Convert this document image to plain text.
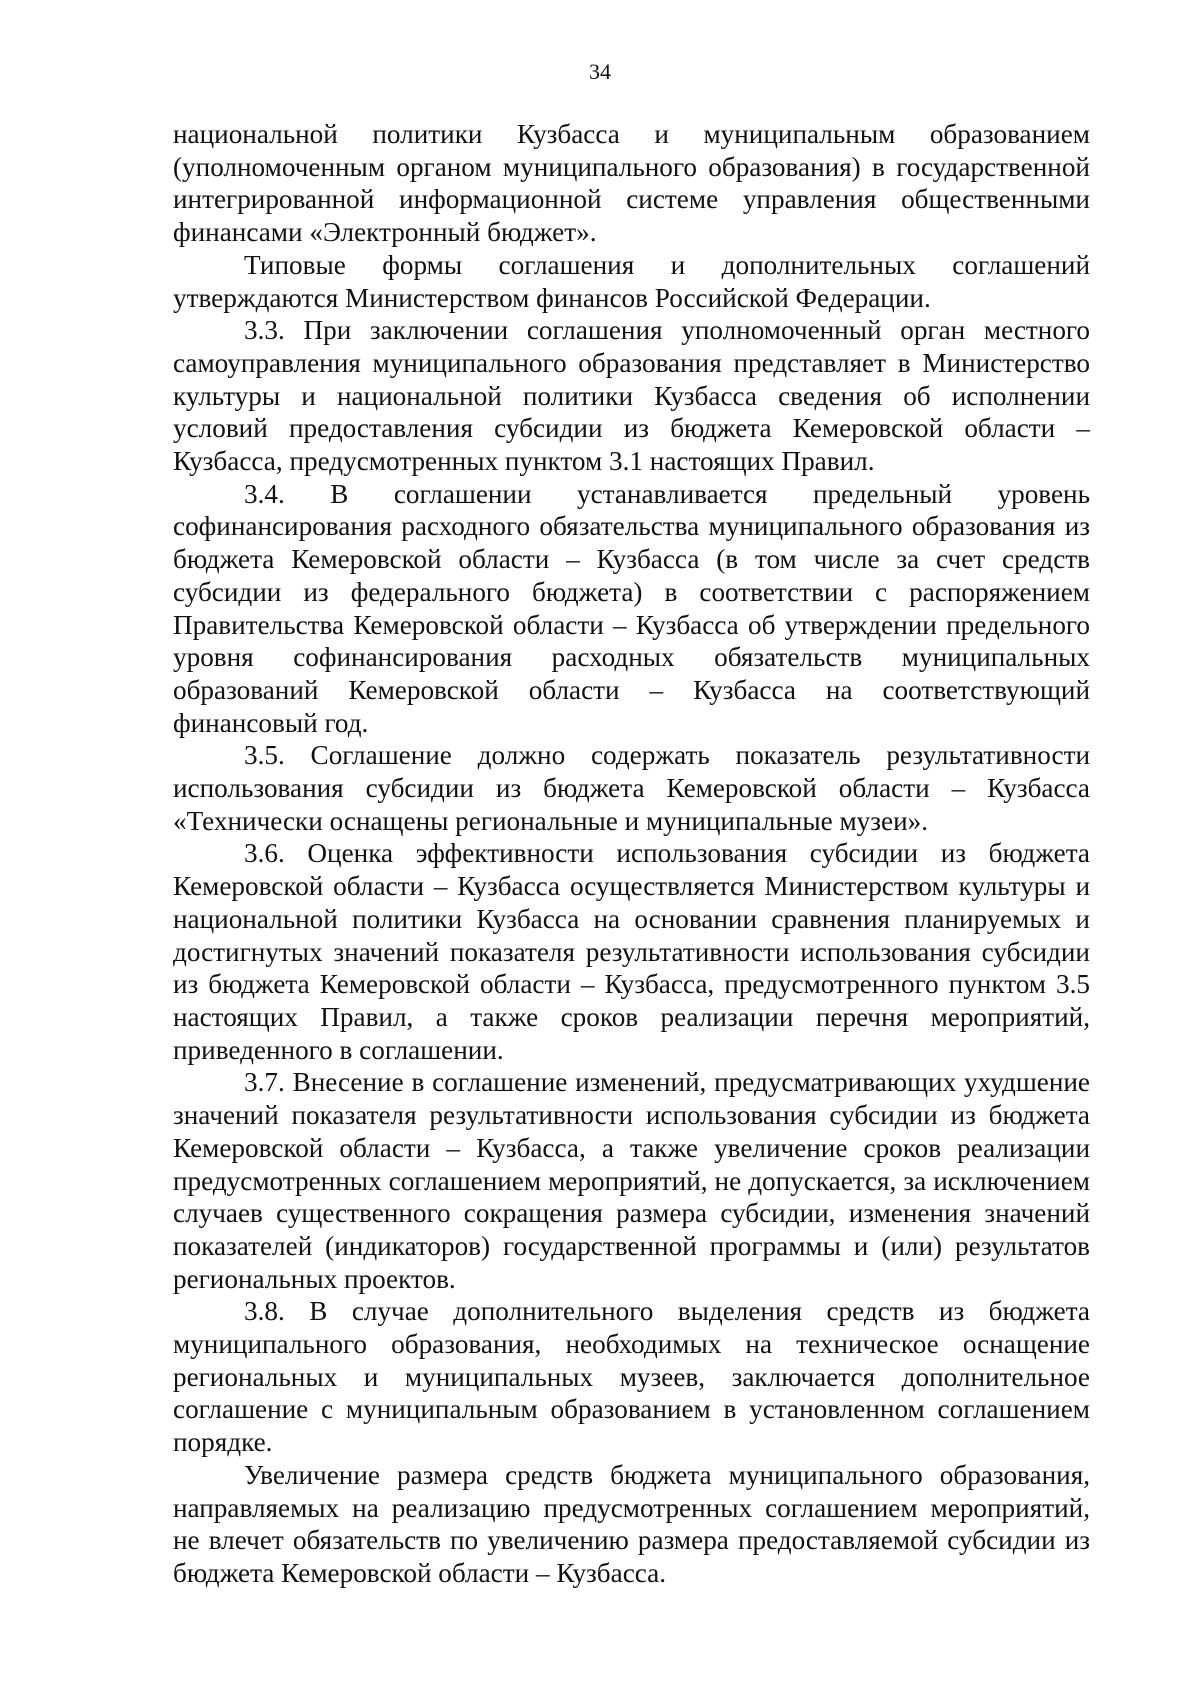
34

национальной политики Кузбасса и муниципальным образованием (уполномоченным органом муниципального образования) в государственной интегрированной информационной системе управления общественными финансами «Электронный бюджет».

Типовые формы соглашения и дополнительных соглашений утверждаются Министерством финансов Российской Федерации.

3.3. При заключении соглашения уполномоченный орган местного самоуправления муниципального образования представляет в Министерство культуры и национальной политики Кузбасса сведения об исполнении условий предоставления субсидии из бюджета Кемеровской области – Кузбасса, предусмотренных пунктом 3.1 настоящих Правил.

3.4. В соглашении устанавливается предельный уровень софинансирования расходного обязательства муниципального образования из бюджета Кемеровской области – Кузбасса (в том числе за счет средств субсидии из федерального бюджета) в соответствии с распоряжением Правительства Кемеровской области – Кузбасса об утверждении предельного уровня софинансирования расходных обязательств муниципальных образований Кемеровской области – Кузбасса на соответствующий финансовый год.

3.5. Соглашение должно содержать показатель результативности использования субсидии из бюджета Кемеровской области – Кузбасса «Технически оснащены региональные и муниципальные музеи».

3.6. Оценка эффективности использования субсидии из бюджета Кемеровской области – Кузбасса осуществляется Министерством культуры и национальной политики Кузбасса на основании сравнения планируемых и достигнутых значений показателя результативности использования субсидии из бюджета Кемеровской области – Кузбасса, предусмотренного пунктом 3.5 настоящих Правил, а также сроков реализации перечня мероприятий, приведенного в соглашении.

3.7. Внесение в соглашение изменений, предусматривающих ухудшение значений показателя результативности использования субсидии из бюджета Кемеровской области – Кузбасса, а также увеличение сроков реализации предусмотренных соглашением мероприятий, не допускается, за исключением случаев существенного сокращения размера субсидии, изменения значений показателей (индикаторов) государственной программы и (или) результатов региональных проектов.

3.8. В случае дополнительного выделения средств из бюджета муниципального образования, необходимых на техническое оснащение региональных и муниципальных музеев, заключается дополнительное соглашение с муниципальным образованием в установленном соглашением порядке.

Увеличение размера средств бюджета муниципального образования, направляемых на реализацию предусмотренных соглашением мероприятий, не влечет обязательств по увеличению размера предоставляемой субсидии из бюджета Кемеровской области – Кузбасса.
